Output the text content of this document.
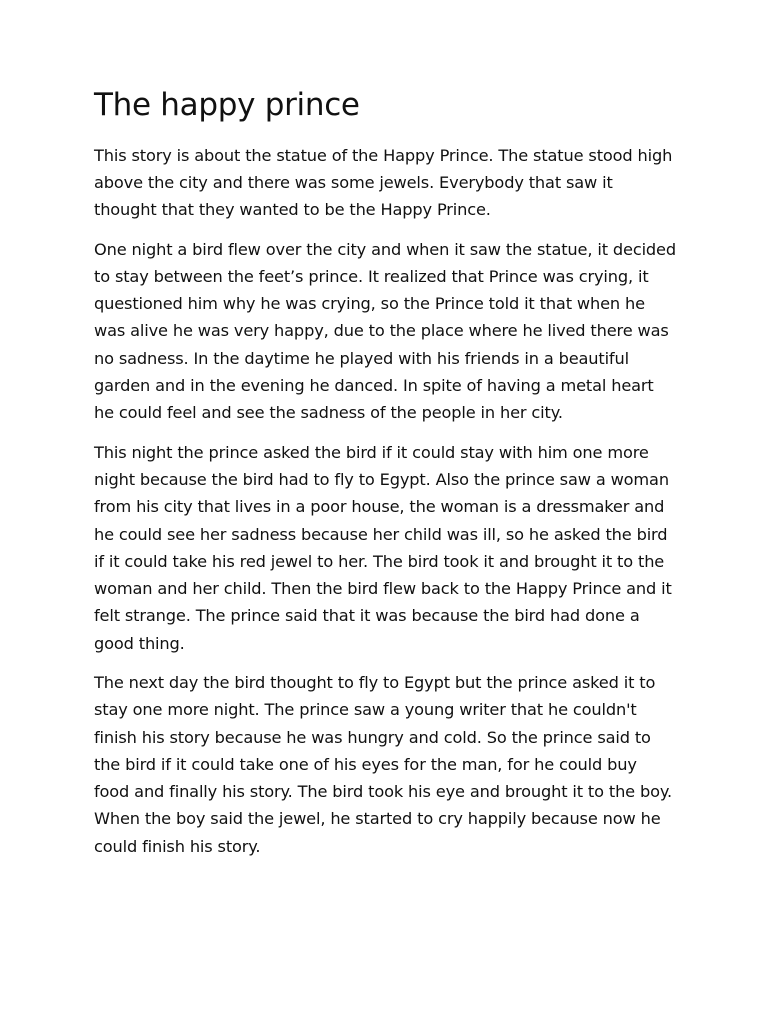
The happy prince

This story is about the statue of the Happy Prince. The statue stood high above the city and there was some jewels. Everybody that saw it thought that they wanted to be the Happy Prince.

One night a bird flew over the city and when it saw the statue, it decided to stay between the feet’s prince. It realized that Prince was crying, it questioned him why he was crying, so the Prince told it that when he was alive he was very happy, due to the place where he lived there was no sadness. In the daytime he played with his friends in a beautiful garden and in the evening he danced. In spite of having a metal heart he could feel and see the sadness of the people in her city.

This night the prince asked the bird if it could stay with him one more night because the bird had to fly to Egypt. Also the prince saw a woman from his city that lives in a poor house, the woman is a dressmaker and he could see her sadness because her child was ill, so he asked the bird if it could take his red jewel to her. The bird took it and brought it to the woman and her child. Then the bird flew back to the Happy Prince and it felt strange. The prince said that it was because the bird had done a good thing.

The next day the bird thought to fly to Egypt but the prince asked it to stay one more night. The prince saw a young writer that he couldn't finish his story because he was hungry and cold. So the prince said to the bird if it could take one of his eyes for the man, for he could buy food and finally his story. The bird took his eye and brought it to the boy. When the boy said the jewel, he started to cry happily because now he could finish his story.
